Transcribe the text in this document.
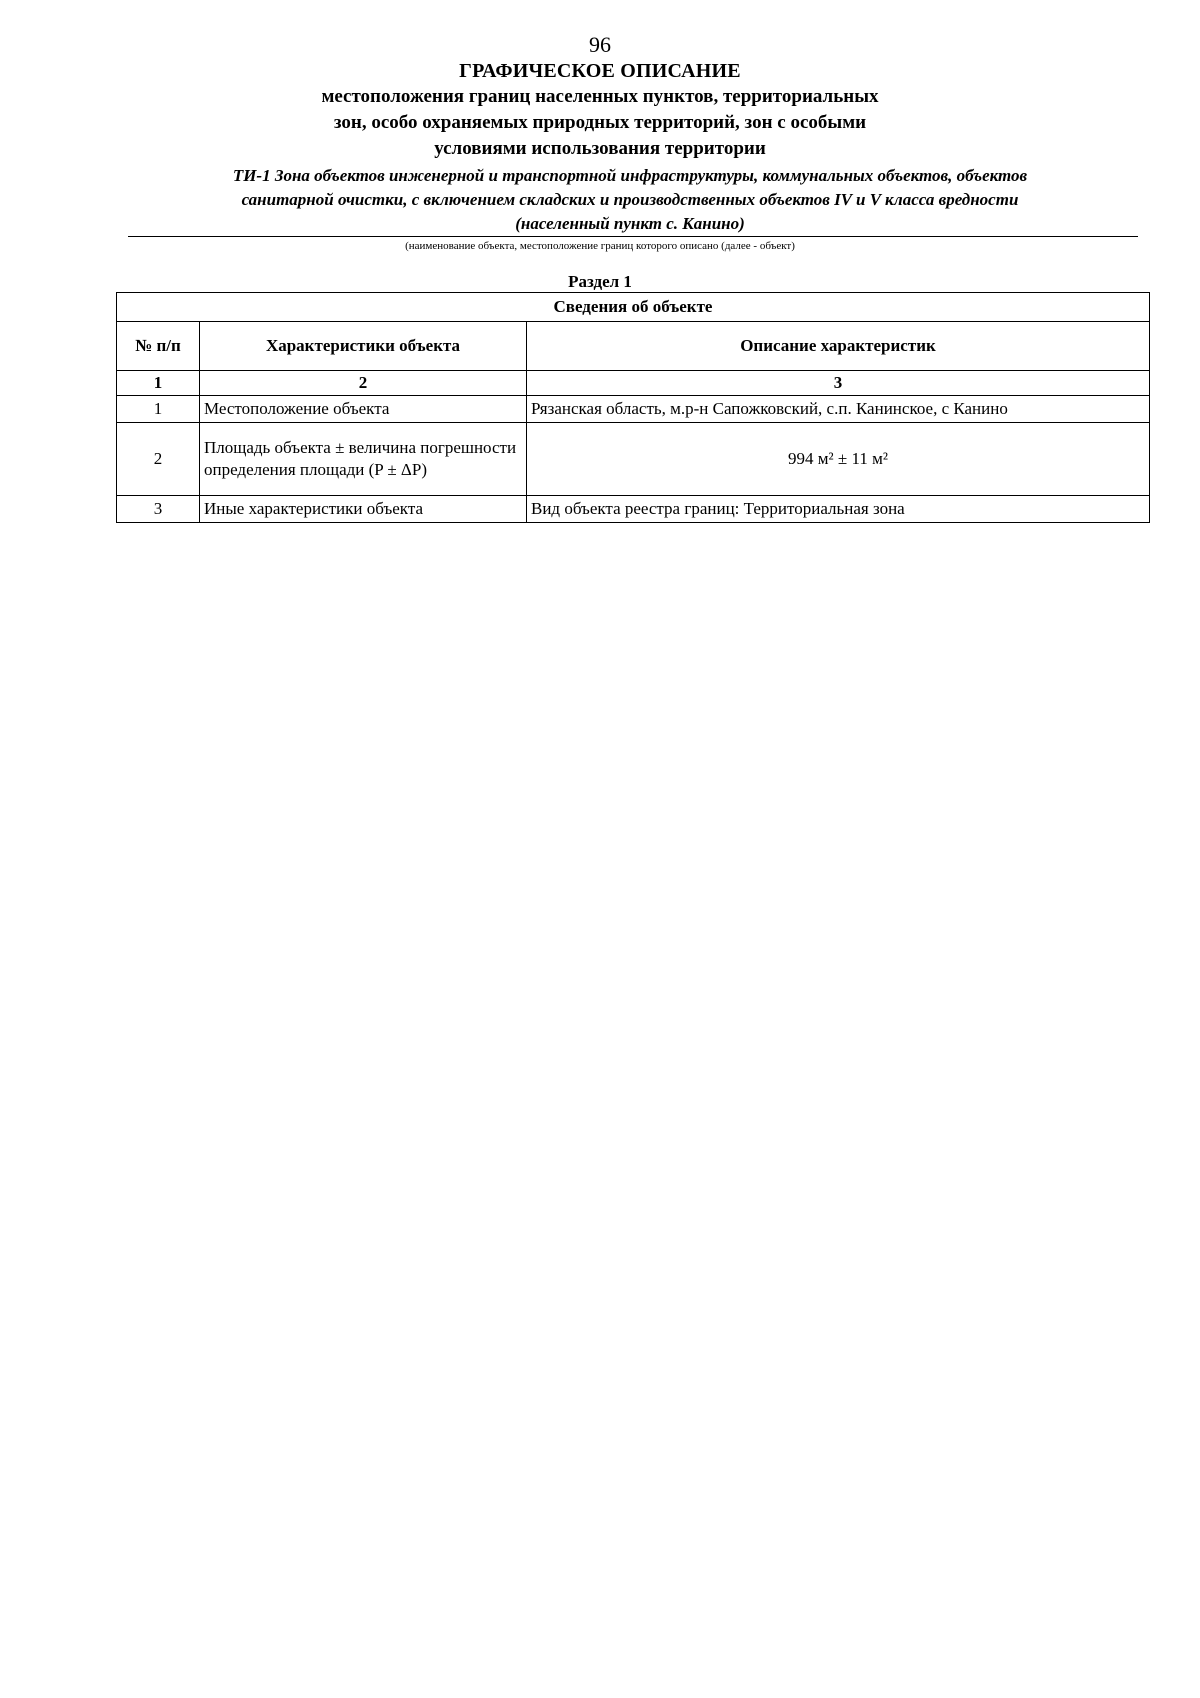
96
ГРАФИЧЕСКОЕ ОПИСАНИЕ
местоположения границ населенных пунктов, территориальных
зон, особо охраняемых природных территорий, зон с особыми
условиями использования территории
ТИ-1 Зона объектов инженерной и транспортной инфраструктуры, коммунальных объектов, объектов
санитарной очистки, с включением складских и производственных объектов IV и V класса вредности
(населенный пункт с. Канино)
(наименование объекта, местоположение границ которого описано (далее - объект)
Раздел 1
Сведения об объекте		
№ п/п	Характеристики объекта	Описание характеристик
1	2	3
1	Местоположение объекта	Рязанская область, м.р-н Сапожковский, с.п. Канинское, с Канино
2	Площадь объекта ± величина погрешности определения площади (P ± ΔP)	994 м² ± 11 м²
3	Иные характеристики объекта	Вид объекта реестра границ: Территориальная зона
